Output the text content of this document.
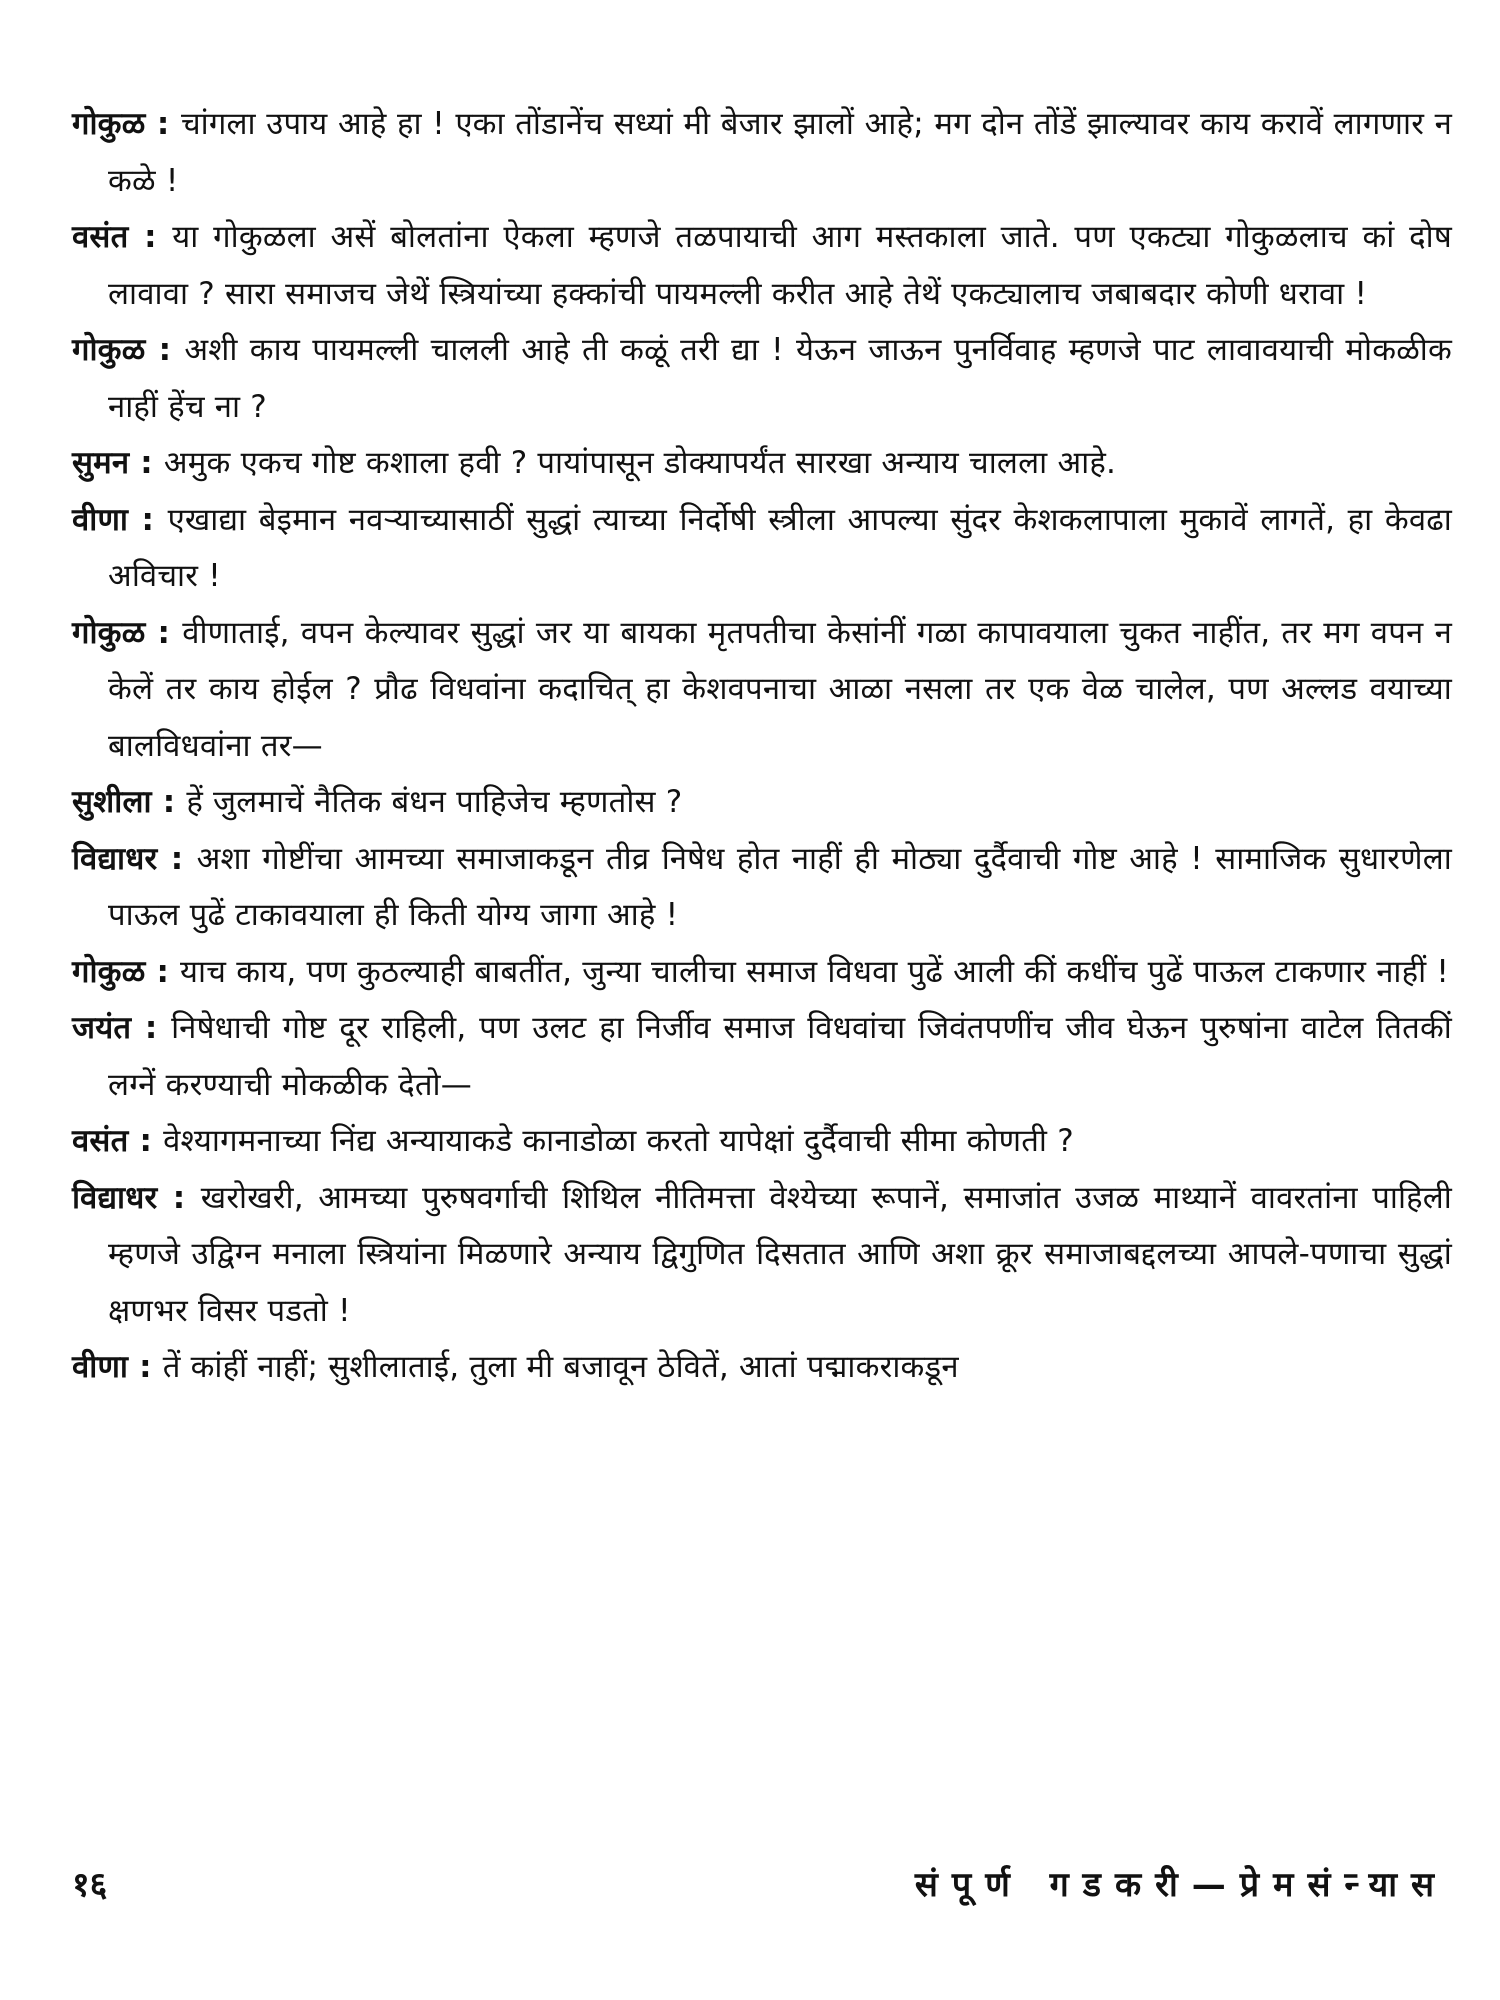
गोकुळ : चांगला उपाय आहे हा ! एका तोंडानेंच सध्यां मी बेजार झालों आहे; मग दोन तोंडें झाल्यावर काय करावें लागणार न कळे !

वसंत : या गोकुळला असें बोलतांना ऐकला म्हणजे तळपायाची आग मस्तकाला जाते. पण एकट्या गोकुळलाच कां दोष लावावा ? सारा समाजच जेथें स्त्रियांच्या हक्कांची पायमल्ली करीत आहे तेथें एकट्यालाच जबाबदार कोणी धरावा !

गोकुळ : अशी काय पायमल्ली चालली आहे ती कळूं तरी द्या ! येऊन जाऊन पुनर्विवाह म्हणजे पाट लावावयाची मोकळीक नाहीं हेंच ना ?

सुमन : अमुक एकच गोष्ट कशाला हवी ? पायांपासून डोक्यापर्यंत सारखा अन्याय चालला आहे.

वीणा : एखाद्या बेइमान नवऱ्याच्यासाठीं सुद्धां त्याच्या निर्दोषी स्त्रीला आपल्या सुंदर केशकलापाला मुकावें लागतें, हा केवढा अविचार !

गोकुळ : वीणाताई, वपन केल्यावर सुद्धां जर या बायका मृतपतीचा केसांनीं गळा कापावयाला चुकत नाहींत, तर मग वपन न केलें तर काय होईल ? प्रौढ विधवांना कदाचित् हा केशवपनाचा आळा नसला तर एक वेळ चालेल, पण अल्लड वयाच्या बालविधवांना तर—

सुशीला : हें जुलमाचें नैतिक बंधन पाहिजेच म्हणतोस ?

विद्याधर : अशा गोष्टींचा आमच्या समाजाकडून तीव्र निषेध होत नाहीं ही मोठ्या दुर्दैवाची गोष्ट आहे ! सामाजिक सुधारणेला पाऊल पुढें टाकावयाला ही किती योग्य जागा आहे !

गोकुळ : याच काय, पण कुठल्याही बाबतींत, जुन्या चालीचा समाज विधवा पुढें आली कीं कधींच पुढें पाऊल टाकणार नाहीं !

जयंत : निषेधाची गोष्ट दूर राहिली, पण उलट हा निर्जीव समाज विधवांचा जिवंतपणींच जीव घेऊन पुरुषांना वाटेल तितकीं लग्नें करण्याची मोकळीक देतो—

वसंत : वेश्यागमनाच्या निंद्य अन्यायाकडे कानाडोळा करतो यापेक्षां दुर्दैवाची सीमा कोणती ?

विद्याधर : खरोखरी, आमच्या पुरुषवर्गाची शिथिल नीतिमत्ता वेश्येच्या रूपानें, समाजांत उजळ माथ्यानें वावरतांना पाहिली म्हणजे उद्विग्न मनाला स्त्रियांना मिळणारे अन्याय द्विगुणित दिसतात आणि अशा क्रूर समाजाबद्दलच्या आपले-पणाचा सुद्धां क्षणभर विसर पडतो !

वीणा : तें कांहीं नाहीं; सुशीलाताई, तुला मी बजावून ठेवितें, आतां पद्माकराकडून

१६	संपूर्ण गडकरी—प्रेमसंन्यास
